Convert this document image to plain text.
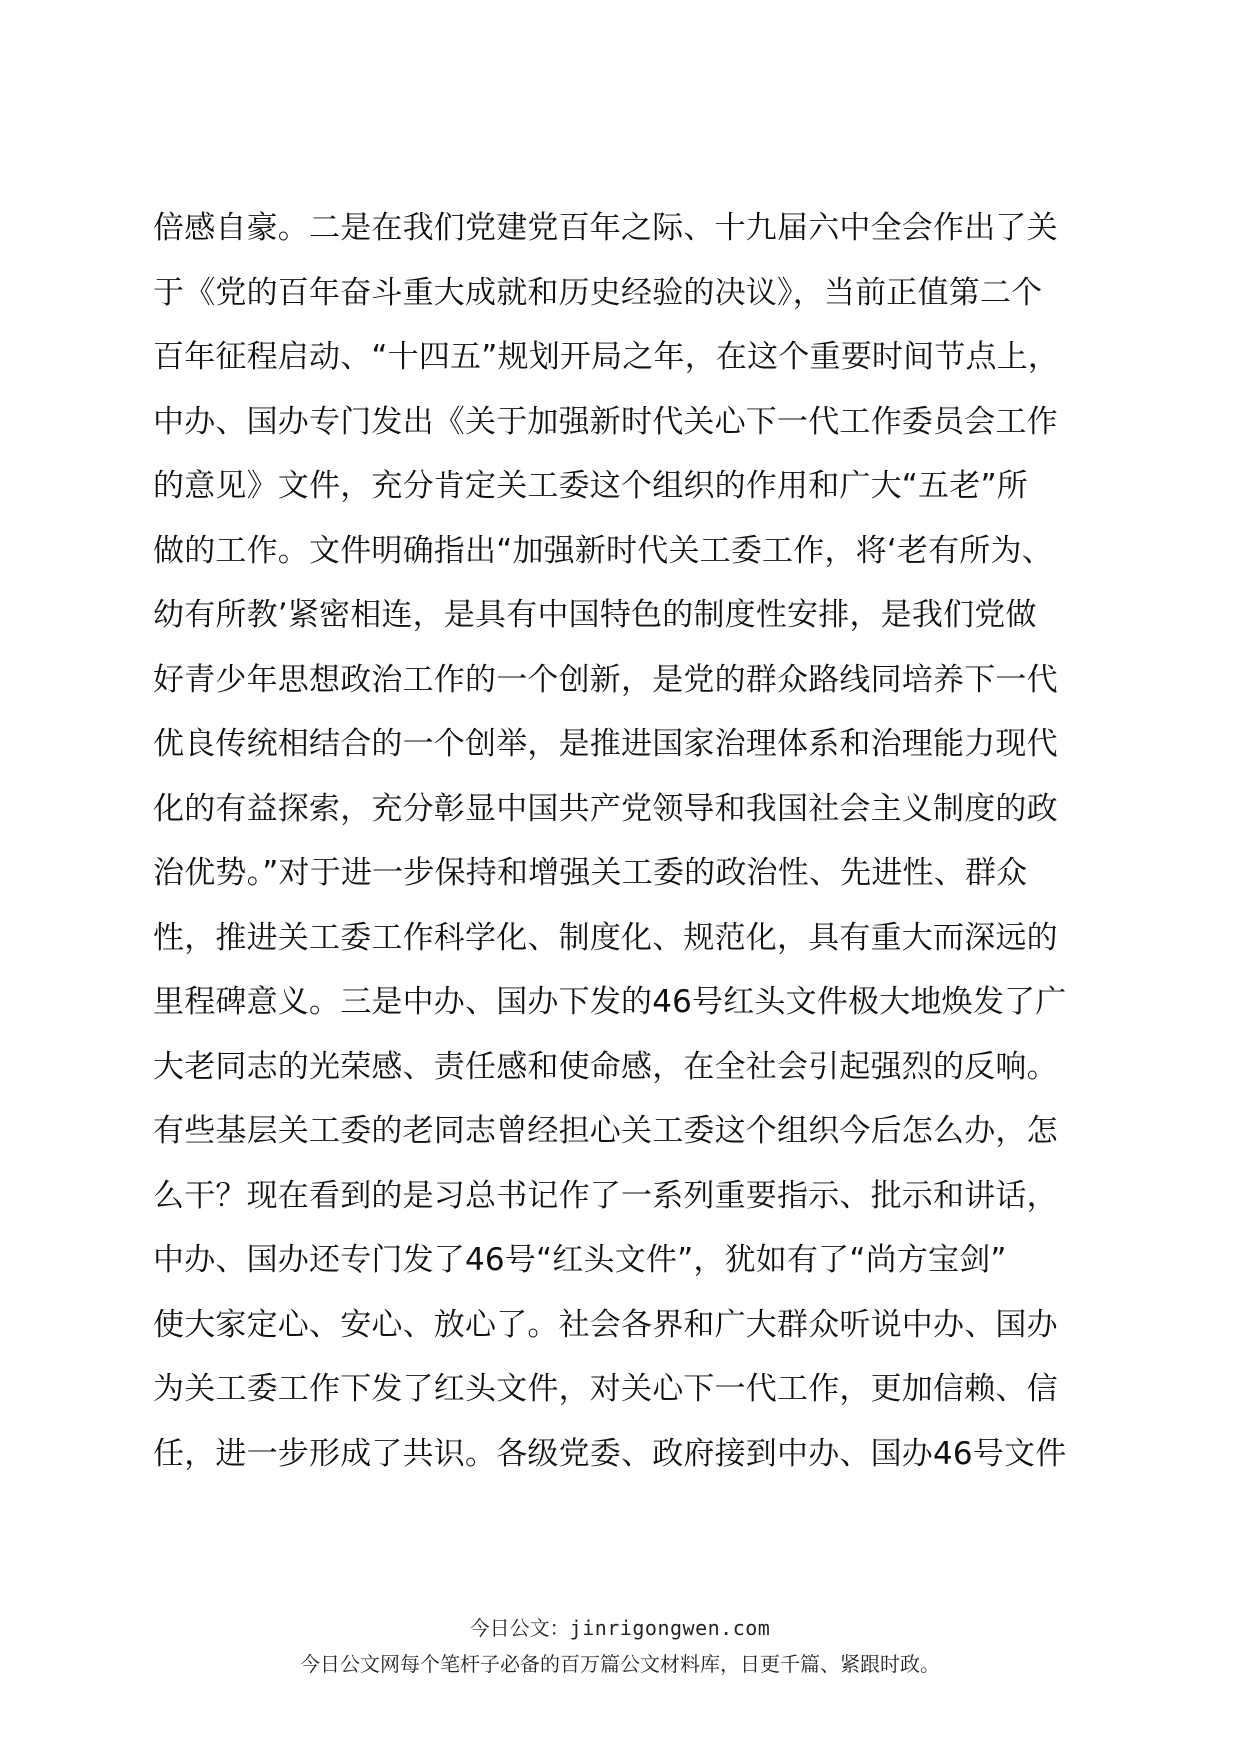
倍感自豪。二是在我们党建党百年之际、十九届六中全会作出了关
于《党的百年奋斗重大成就和历史经验的决议》，当前正值第二个
百年征程启动、“十四五”规划开局之年，在这个重要时间节点上，
中办、国办专门发出《关于加强新时代关心下一代工作委员会工作
的意见》文件，充分肯定关工委这个组织的作用和广大“五老”所
做的工作。文件明确指出“加强新时代关工委工作，将‘老有所为、
幼有所教’紧密相连，是具有中国特色的制度性安排，是我们党做
好青少年思想政治工作的一个创新，是党的群众路线同培养下一代
优良传统相结合的一个创举，是推进国家治理体系和治理能力现代
化的有益探索，充分彰显中国共产党领导和我国社会主义制度的政
治优势。”对于进一步保持和增强关工委的政治性、先进性、群众
性，推进关工委工作科学化、制度化、规范化，具有重大而深远的
里程碑意义。三是中办、国办下发的46号红头文件极大地焕发了广
大老同志的光荣感、责任感和使命感，在全社会引起强烈的反响。
有些基层关工委的老同志曾经担心关工委这个组织今后怎么办，怎
么干？现在看到的是习总书记作了一系列重要指示、批示和讲话，
中办、国办还专门发了46号“红头文件”，犹如有了“尚方宝剑”
使大家定心、安心、放心了。社会各界和广大群众听说中办、国办
为关工委工作下发了红头文件，对关心下一代工作，更加信赖、信
任，进一步形成了共识。各级党委、政府接到中办、国办46号文件
今日公文：jinrigongwen.com
今日公文网每个笔杆子必备的百万篇公文材料库，日更千篇、紧跟时政。
